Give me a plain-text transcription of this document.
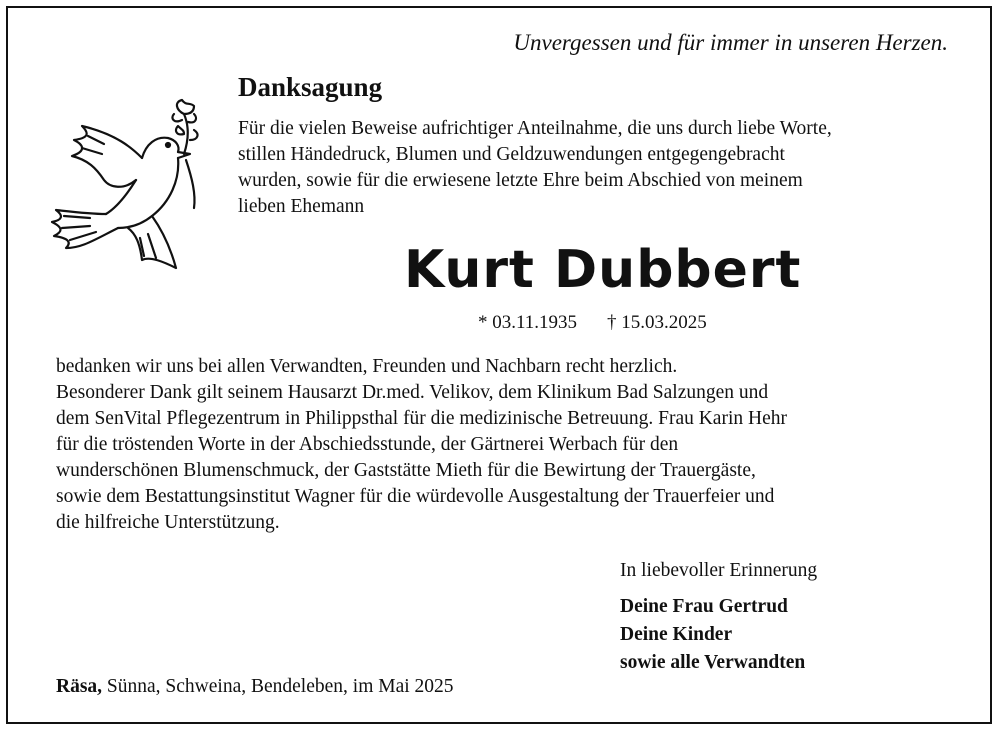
Unvergessen und für immer in unseren Herzen.
Danksagung

Für die vielen Beweise aufrichtiger Anteilnahme, die uns durch liebe Worte,
stillen Händedruck, Blumen und Geldzuwendungen entgegengebracht
wurden, sowie für die erwiesene letzte Ehre beim Abschied von meinem
lieben Ehemann

Kurt Dubbert
* 03.11.1935 † 15.03.2025

bedanken wir uns bei allen Verwandten, Freunden und Nachbarn recht herzlich.
Besonderer Dank gilt seinem Hausarzt Dr.med. Velikov, dem Klinikum Bad Salzungen und
dem SenVital Pflegezentrum in Philippsthal für die medizinische Betreuung. Frau Karin Hehr
für die tröstenden Worte in der Abschiedsstunde, der Gärtnerei Werbach für den
wunderschönen Blumenschmuck, der Gaststätte Mieth für die Bewirtung der Trauergäste,
sowie dem Bestattungsinstitut Wagner für die würdevolle Ausgestaltung der Trauerfeier und
die hilfreiche Unterstützung.

In liebevoller Erinnerung
Deine Frau Gertrud
Deine Kinder
sowie alle Verwandten
Räsa, Sünna, Schweina, Bendeleben, im Mai 2025
